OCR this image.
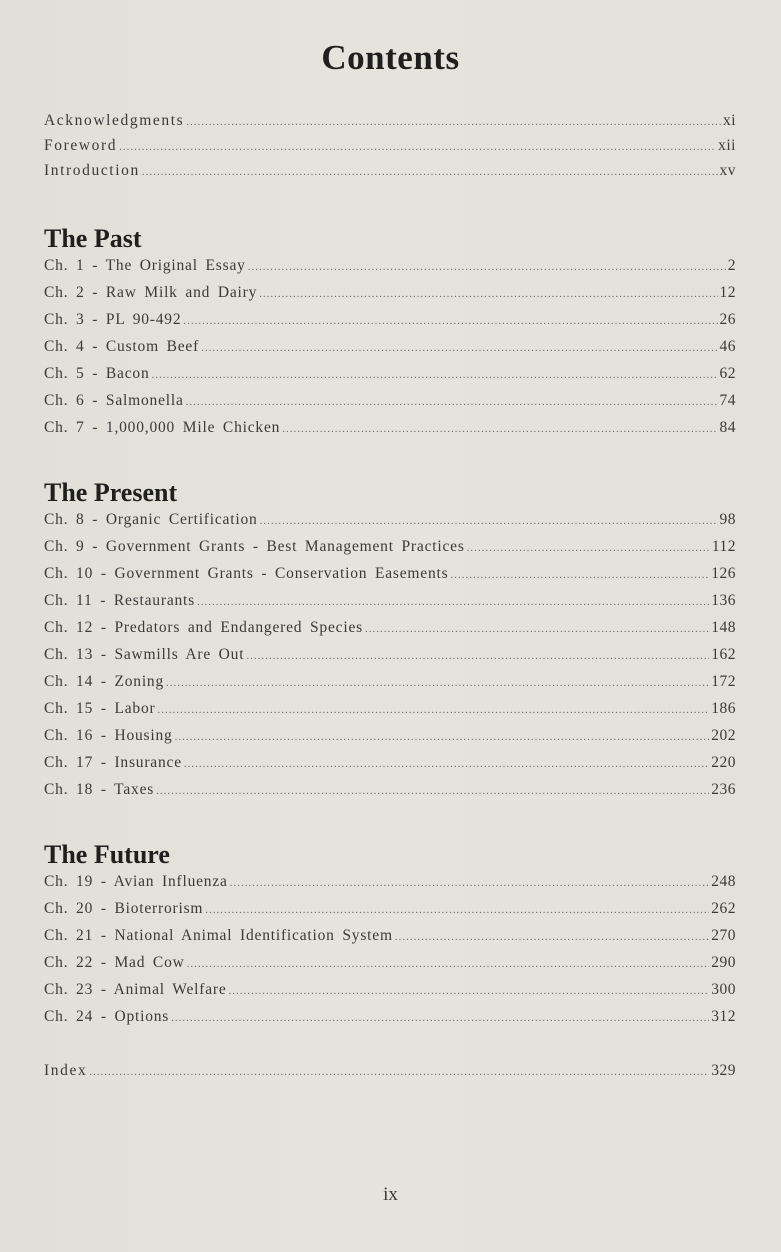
Contents
Acknowledgments .....	xi
Foreword .....	xii
Introduction .....	xv
The Past
Ch. 1 - The Original Essay .....	2
Ch. 2 - Raw Milk and Dairy .....	12
Ch. 3 - PL 90-492 .....	26
Ch. 4 - Custom Beef .....	46
Ch. 5 - Bacon .....	62
Ch. 6 - Salmonella .....	74
Ch. 7 - 1,000,000 Mile Chicken .....	84
The Present
Ch. 8 - Organic Certification .....	98
Ch. 9 - Government Grants - Best Management Practices .....	112
Ch. 10 - Government Grants - Conservation Easements .....	126
Ch. 11 - Restaurants .....	136
Ch. 12 - Predators and Endangered Species .....	148
Ch. 13 - Sawmills Are Out .....	162
Ch. 14 - Zoning .....	172
Ch. 15 - Labor .....	186
Ch. 16 - Housing .....	202
Ch. 17 - Insurance .....	220
Ch. 18 - Taxes .....	236
The Future
Ch. 19 - Avian Influenza .....	248
Ch. 20 - Bioterrorism .....	262
Ch. 21 - National Animal Identification System .....	270
Ch. 22 - Mad Cow .....	290
Ch. 23 - Animal Welfare .....	300
Ch. 24 - Options .....	312
Index .....	329
ix
